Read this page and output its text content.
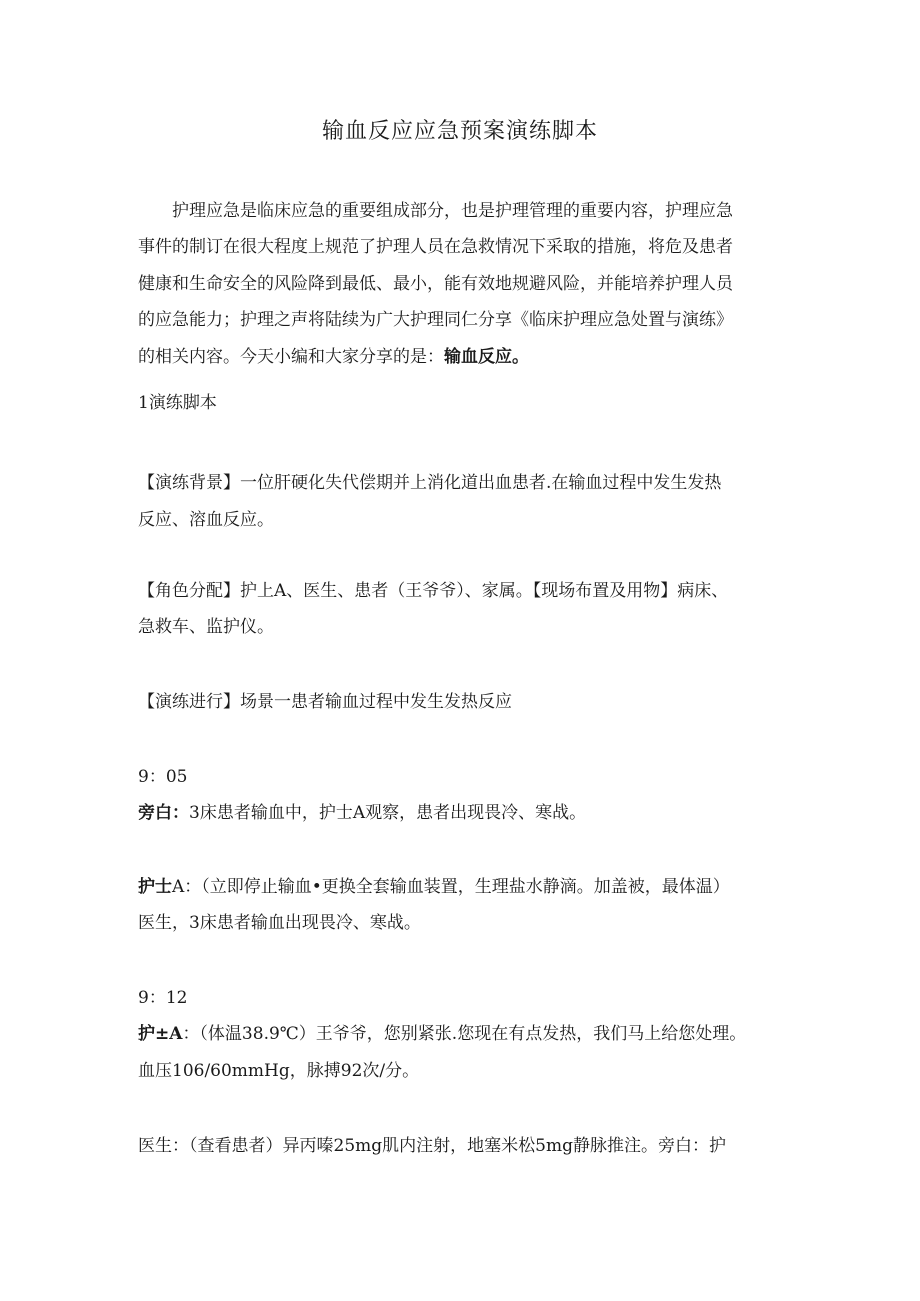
输血反应应急预案演练脚本
护理应急是临床应急的重要组成部分，也是护理管理的重要内容，护理应急
事件的制订在很大程度上规范了护理人员在急救情况下采取的措施，将危及患者
健康和生命安全的风险降到最低、最小，能有效地规避风险，并能培养护理人员
的应急能力；护理之声将陆续为广大护理同仁分享《临床护理应急处置与演练》
的相关内容。今天小编和大家分享的是：输血反应。
1演练脚本
【演练背景】一位肝硬化失代偿期并上消化道出血患者.在输血过程中发生发热
反应、溶血反应。
【角色分配】护上A、医生、患者（王爷爷）、家属。【现场布置及用物】病床、
急救车、监护仪。
【演练进行】场景一患者输血过程中发生发热反应
9：05
旁白：3床患者输血中，护士A观察，患者出现畏冷、寒战。
护士A：（立即停止输血•更换全套输血装置，生理盐水静滴。加盖被，最体温）
医生，3床患者输血出现畏冷、寒战。
9：12
护±A：（体温38.9℃）王爷爷，您别紧张.您现在有点发热，我们马上给您处理。
血压106/60mmHg，脉搏92次/分。
医生：（查看患者）异丙嗪25mg肌内注射，地塞米松5mg静脉推注。旁白：护
